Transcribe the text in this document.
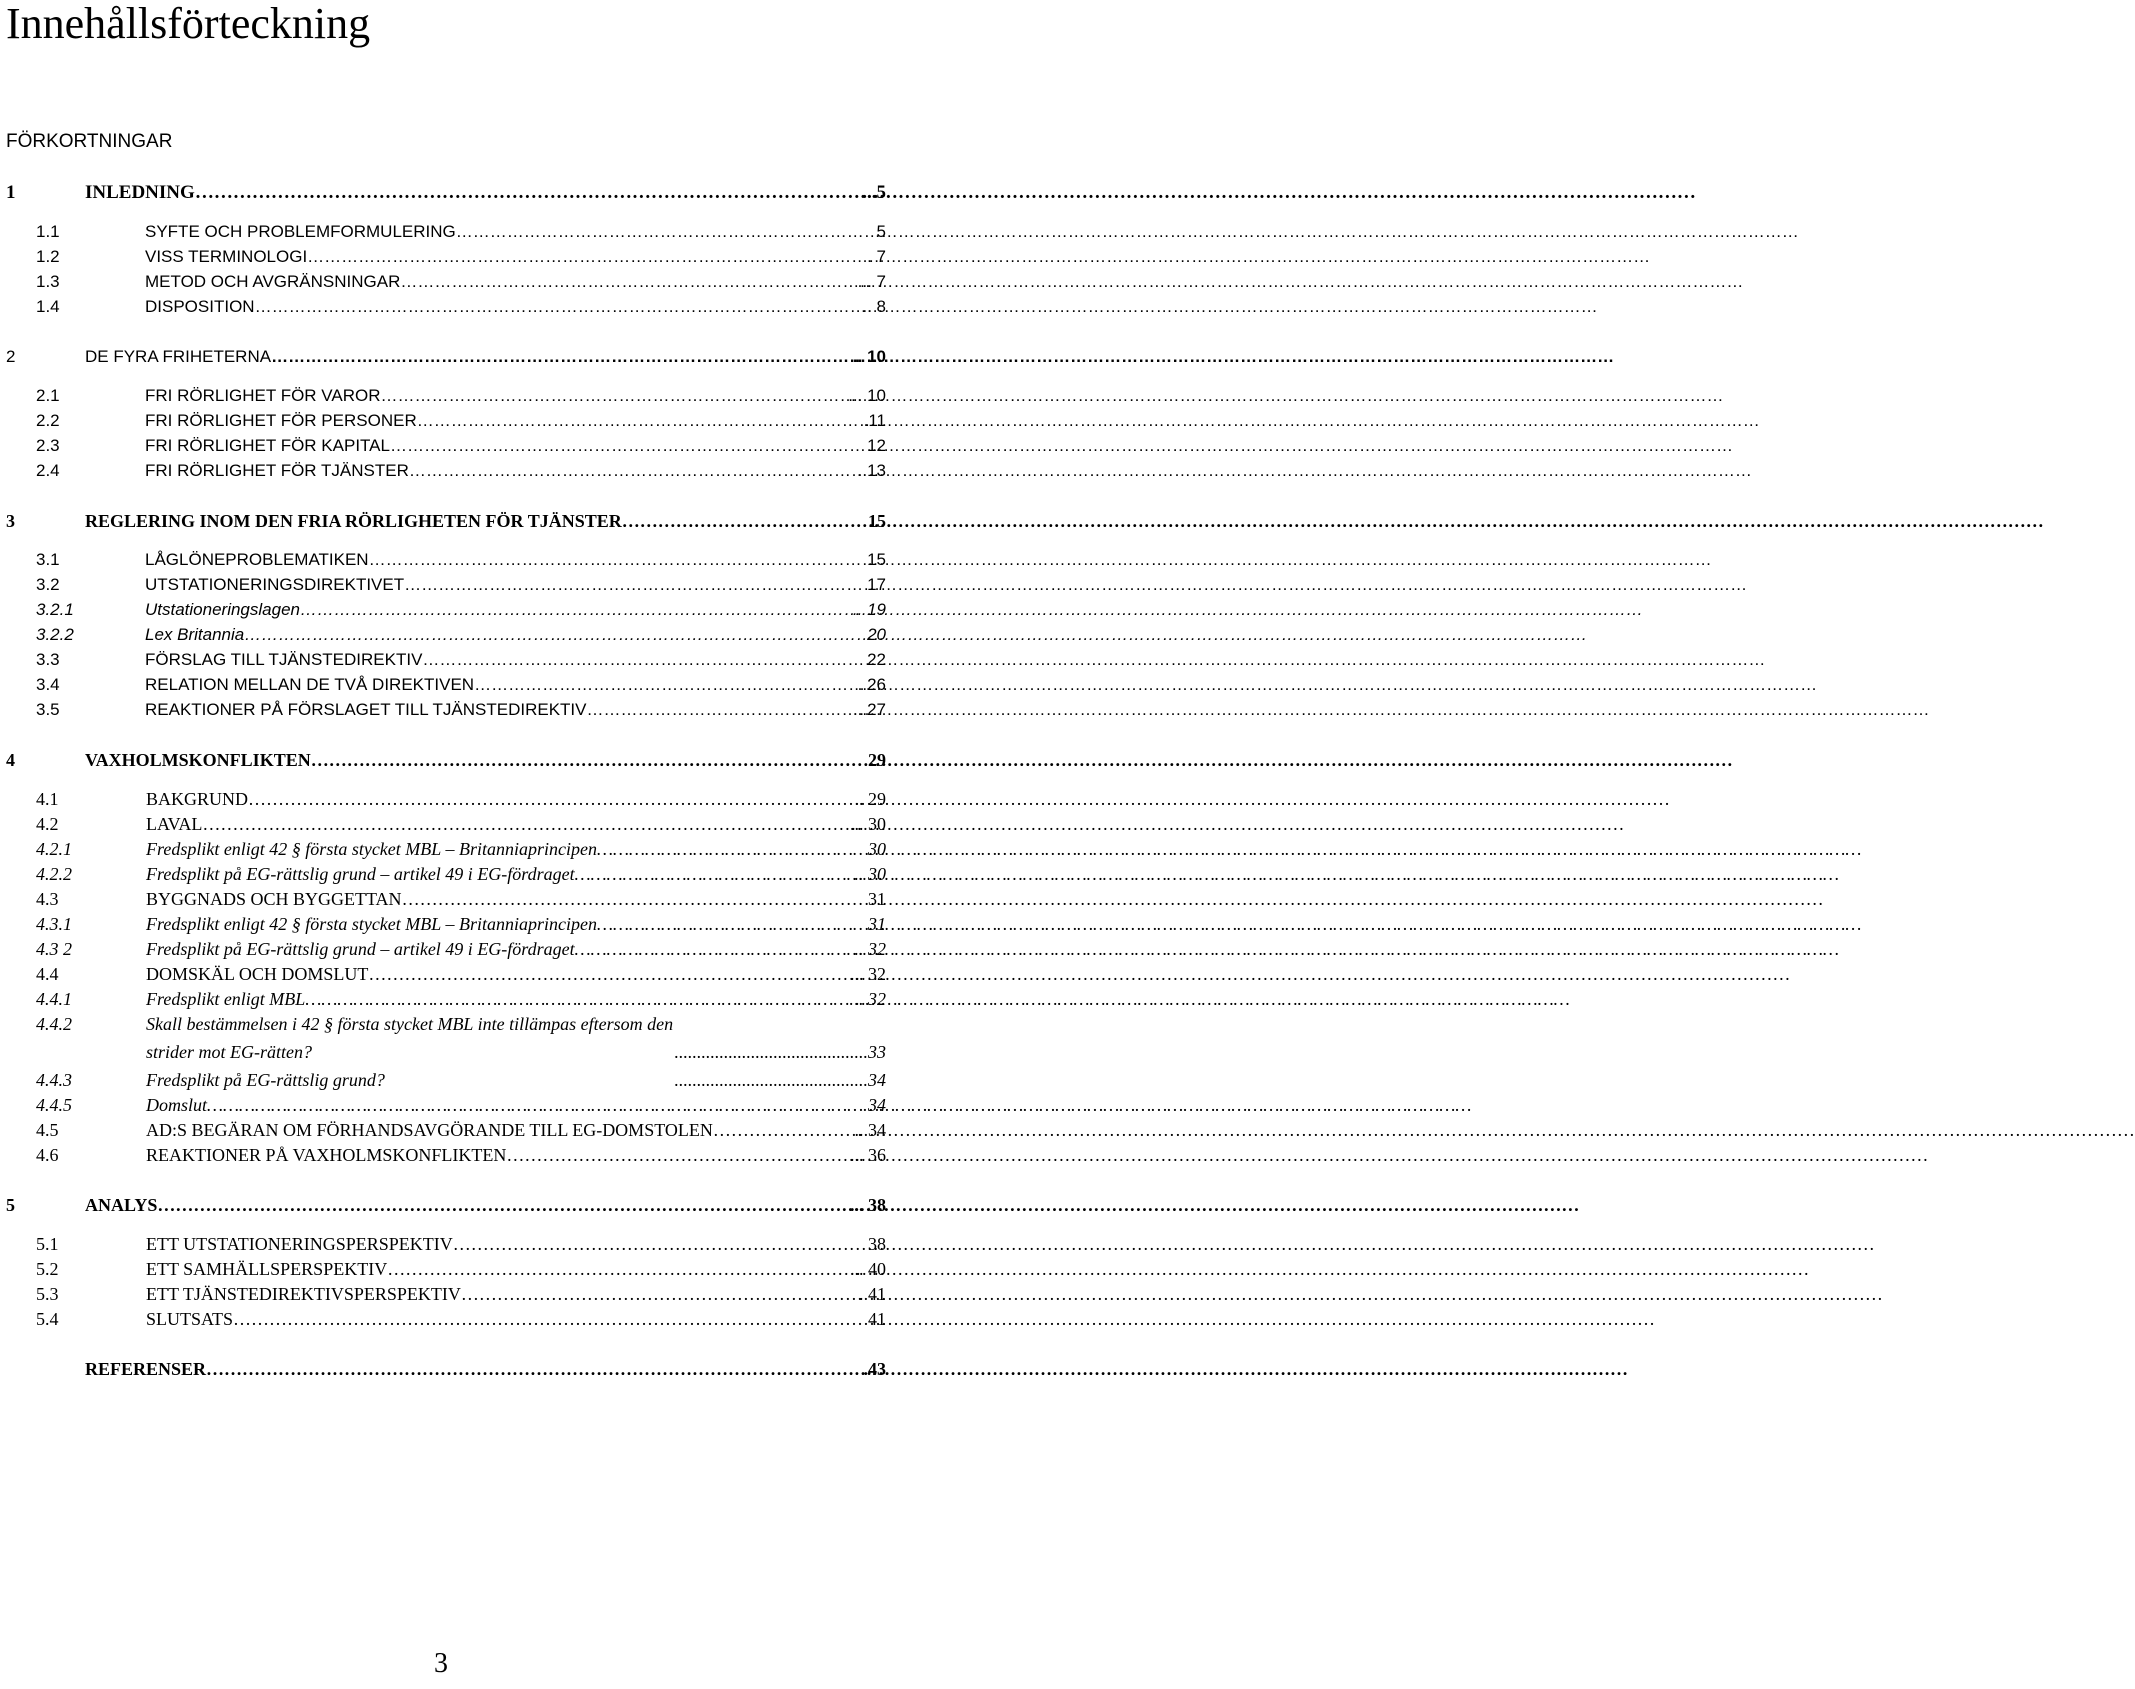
Innehållsförteckning
FÖRKORTNINGAR
1	INLEDNING …………………………………………………………………………………………………………………………………………………………………………………………………………………	...5
1.1	SYFTE OCH PROBLEMFORMULERING …………………………………………………………………………………………………………………………………………………………………………………………………………………	5
1.2	VISS TERMINOLOGI …………………………………………………………………………………………………………………………………………………………………………………………………………………	. 7
1.3	METOD OCH AVGRÄNSNINGAR …………………………………………………………………………………………………………………………………………………………………………………………………………………	... 7
1.4	DISPOSITION …………………………………………………………………………………………………………………………………………………………………………………………………………………	.. 8
2	DE FYRA FRIHETERNA …………………………………………………………………………………………………………………………………………………………………………………………………………………	.. 10
2.1	FRI RÖRLIGHET FÖR VAROR …………………………………………………………………………………………………………………………………………………………………………………………………………………	... 10
2.2	FRI RÖRLIGHET FÖR PERSONER …………………………………………………………………………………………………………………………………………………………………………………………………………………	.11
2.3	FRI RÖRLIGHET FÖR KAPITAL …………………………………………………………………………………………………………………………………………………………………………………………………………………	12
2.4	FRI RÖRLIGHET FÖR TJÄNSTER …………………………………………………………………………………………………………………………………………………………………………………………………………………	..13
3	REGLERING INOM DEN FRIA RÖRLIGHETEN FÖR TJÄNSTER …………………………………………………………………………………………………………………………………………………………………………………………………………………	15
3.1	LÅGLÖNEPROBLEMATIKEN …………………………………………………………………………………………………………………………………………………………………………………………………………………	15
3.2	UTSTATIONERINGSDIREKTIVET …………………………………………………………………………………………………………………………………………………………………………………………………………………	17
3.2.1	Utstationeringslagen …………………………………………………………………………………………………………………………………………………………………………………………………………………	.. 19
3.2.2	Lex Britannia …………………………………………………………………………………………………………………………………………………………………………………………………………………	20
3.3	FÖRSLAG TILL TJÄNSTEDIREKTIV …………………………………………………………………………………………………………………………………………………………………………………………………………………	22
3.4	RELATION MELLAN DE TVÅ DIREKTIVEN …………………………………………………………………………………………………………………………………………………………………………………………………………………	..26
3.5	REAKTIONER PÅ FÖRSLAGET TILL TJÄNSTEDIREKTIV …………………………………………………………………………………………………………………………………………………………………………………………………………………	...27
4	VAXHOLMSKONFLIKTEN …………………………………………………………………………………………………………………………………………………………………………………………………………………	29
4.1	BAKGRUND …………………………………………………………………………………………………………………………………………………………………………………………………………………	.. 29
4.2	LAVAL …………………………………………………………………………………………………………………………………………………………………………………………………………………	... 30
4.2.1	Fredsplikt enligt 42 § första stycket MBL – Britanniaprincipen …………………………………………………………………………………………………………………………………………………………………………………………………………………	30
4.2.2	Fredsplikt på EG-rättslig grund – artikel 49 i EG-fördraget …………………………………………………………………………………………………………………………………………………………………………………………………………………	.. 30
4.3	BYGGNADS OCH BYGGETTAN …………………………………………………………………………………………………………………………………………………………………………………………………………………	31
4.3.1	Fredsplikt enligt 42 § första stycket MBL – Britanniaprincipen …………………………………………………………………………………………………………………………………………………………………………………………………………………	31
4.3 2	Fredsplikt på EG-rättslig grund – artikel 49 i EG-fördraget …………………………………………………………………………………………………………………………………………………………………………………………………………………	.. 32
4.4	DOMSKÄL OCH DOMSLUT …………………………………………………………………………………………………………………………………………………………………………………………………………………	... 32
4.4.1	Fredsplikt enligt MBL …………………………………………………………………………………………………………………………………………………………………………………………………………………	.. 32
4.4.2	Skall bestämmelsen i 42 § första stycket MBL inte tillämpas eftersom den
strider mot EG-rätten?	...........................................33
4.4.3	Fredsplikt på EG-rättslig grund?	...........................................34
4.4.5	Domslut …………………………………………………………………………………………………………………………………………………………………………………………………………………	34
4.5	AD:S BEGÄRAN OM FÖRHANDSAVGÖRANDE TILL EG-DOMSTOLEN …………………………………………………………………………………………………………………………………………………………………………………………………………………	.. 34
4.6	REAKTIONER PÅ VAXHOLMSKONFLIKTEN …………………………………………………………………………………………………………………………………………………………………………………………………………………	... 36
5	ANALYS …………………………………………………………………………………………………………………………………………………………………………………………………………………	... 38
5.1	ETT UTSTATIONERINGSPERSPEKTIV …………………………………………………………………………………………………………………………………………………………………………………………………………………	38
5.2	ETT SAMHÄLLSPERSPEKTIV …………………………………………………………………………………………………………………………………………………………………………………………………………………	... 40
5.3	ETT TJÄNSTEDIREKTIVSPERSPEKTIV …………………………………………………………………………………………………………………………………………………………………………………………………………………	. 41
5.4	SLUTSATS …………………………………………………………………………………………………………………………………………………………………………………………………………………	41
REFERENSER …………………………………………………………………………………………………………………………………………………………………………………………………………………	.43
3
